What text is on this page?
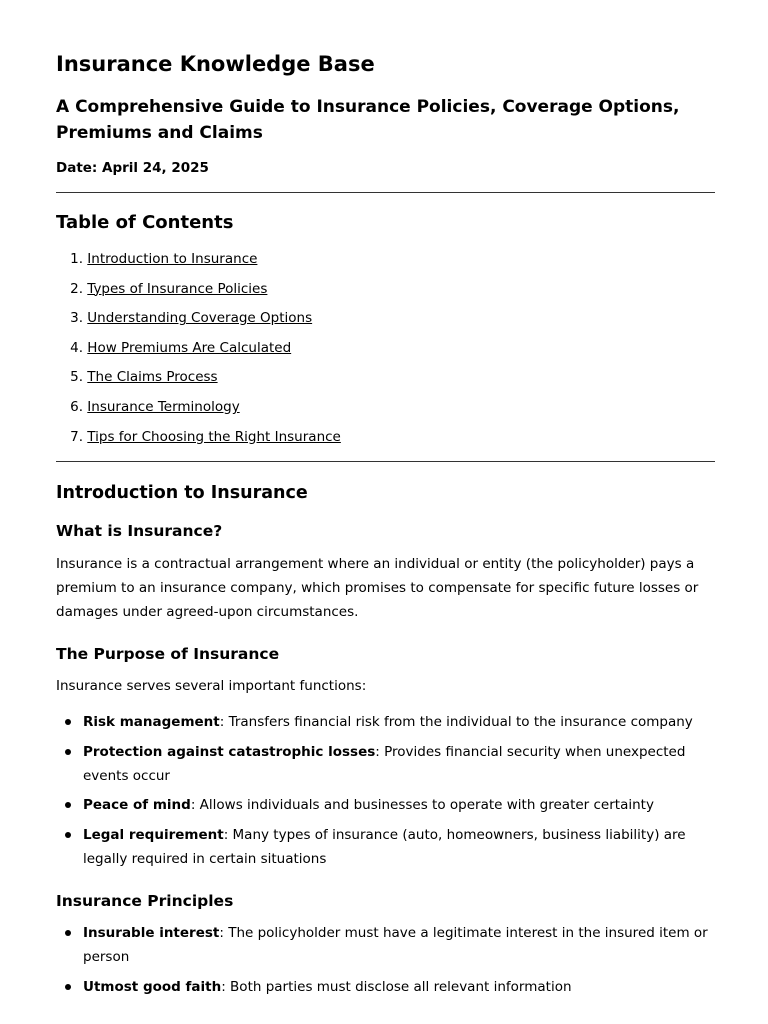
Insurance Knowledge Base
A Comprehensive Guide to Insurance Policies, Coverage Options, Premiums and Claims
Date: April 24, 2025
Table of Contents
1. Introduction to Insurance
2. Types of Insurance Policies
3. Understanding Coverage Options
4. How Premiums Are Calculated
5. The Claims Process
6. Insurance Terminology
7. Tips for Choosing the Right Insurance
Introduction to Insurance
What is Insurance?

Insurance is a contractual arrangement where an individual or entity (the policyholder) pays a premium to an insurance company, which promises to compensate for specific future losses or damages under agreed-upon circumstances.

The Purpose of Insurance

Insurance serves several important functions:

Risk management: Transfers financial risk from the individual to the insurance company
Protection against catastrophic losses: Provides financial security when unexpected events occur
Peace of mind: Allows individuals and businesses to operate with greater certainty
Legal requirement: Many types of insurance (auto, homeowners, business liability) are legally required in certain situations
Insurance Principles
Insurable interest: The policyholder must have a legitimate interest in the insured item or person
Utmost good faith: Both parties must disclose all relevant information
